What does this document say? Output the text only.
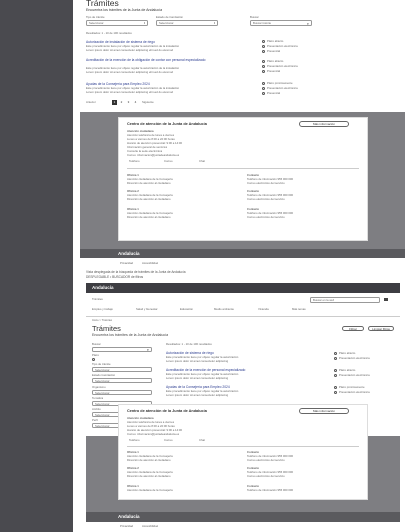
Trámites
Encuentra los trámites de la Junta de Andalucía
Tipo de trámite	Estado de tramitación	Buscar
Seleccionar	▾	Seleccionar	▾	Buscar trámite	⌕
Resultados: 1 - 10 de 100 resultados
Autorización de instalación de sistema de riego
Este procedimiento tiene por objeto regular la autorización de la instalación
Lorem ipsum dolor sit amet consectetur adipiscing elit sed do eiusmod
Plazo abierto
Presentación electrónica
Presencial
Acreditación de la exención de la obligación de contar con personal especializado
Este procedimiento tiene por objeto regular la autorización de la instalación
Lorem ipsum dolor sit amet consectetur adipiscing elit sed do eiusmod
Plazo abierto
Presentación electrónica
Presencial
Ayudas de la Consejería para Empleo 2024
Este procedimiento tiene por objeto regular la autorización de la instalación
Lorem ipsum dolor sit amet consectetur adipiscing elit sed do eiusmod
Plazo próximamente
Presentación electrónica
Presencial
Anterior	1	2	3	4	Siguiente
Centro de atención de la Junta de Andalucía	Más información
Atención ciudadana
Atención telefónica de lunes a viernes
Lunes a viernes de 8:00 a 22:00 horas
Horario de atención presencial: 9:00 a 14:00
Información general de servicios
Consulte la sede electrónica
Correo: informacion@juntadeandalucia.es
Teléfono	Correo	Chat
Oficina 1
Atención ciudadana de la Consejería
Dirección de atención al ciudadano
Contacto
Teléfono de información 955 000 000
Correo electrónico del servicio
Oficina 2
Atención ciudadana de la Consejería
Dirección de atención al ciudadano
Contacto
Teléfono de información 955 000 000
Correo electrónico del servicio
Oficina 1
Atención ciudadana de la Consejería
Dirección de atención al ciudadano
Contacto
Teléfono de información 955 000 000
Correo electrónico del servicio
Andalucía
Privacidad	Accesibilidad
Vista desplegada de la búsqueda de trámites de la Junta de Andalucía
DESPLEGABLE • BUSCADOR de filtros
Andalucía
Trámites	Buscar en la web
Empleo y trabajo	Salud y bienestar	Educación	Medio ambiente	Vivienda	Más temas
Inicio > Trámites
Trámites
Encuentra los trámites de la Junta de Andalucía
Filtrar	Limpiar filtros
Buscar
⌕
Plazo
Tipo de trámite
Seleccionar
Estado tramitación
Seleccionar
Organismo
Seleccionar
Temática
Seleccionar
Ámbito
Seleccionar
Perfil
Seleccionar
Resultados: 1 - 10 de 100 resultados
Autorización de sistema de riego
Este procedimiento tiene por objeto regular la autorización
Lorem ipsum dolor sit amet consectetur adipiscing
Plazo abierto
Presentación electrónica
Acreditación de la exención de personal especializado
Este procedimiento tiene por objeto regular la autorización
Lorem ipsum dolor sit amet consectetur adipiscing
Plazo abierto
Presentación electrónica
Ayudas de la Consejería para Empleo 2024
Este procedimiento tiene por objeto regular la autorización
Lorem ipsum dolor sit amet consectetur adipiscing
Plazo próximamente
Presentación electrónica
Centro de atención de la Junta de Andalucía	Más información
Atención ciudadana
Atención telefónica de lunes a viernes
Lunes a viernes de 8:00 a 22:00 horas
Horario de atención presencial: 9:00 a 14:00
Correo: informacion@juntadeandalucia.es
Teléfono	Correo	Chat
Oficina 1
Atención ciudadana de la Consejería
Dirección de atención al ciudadano
Contacto
Teléfono de información 955 000 000
Correo electrónico del servicio
Oficina 2
Atención ciudadana de la Consejería
Dirección de atención al ciudadano
Contacto
Teléfono de información 955 000 000
Correo electrónico del servicio
Oficina 1
Atención ciudadana de la Consejería
Contacto
Teléfono de información 955 000 000
Andalucía
Privacidad	Accesibilidad
